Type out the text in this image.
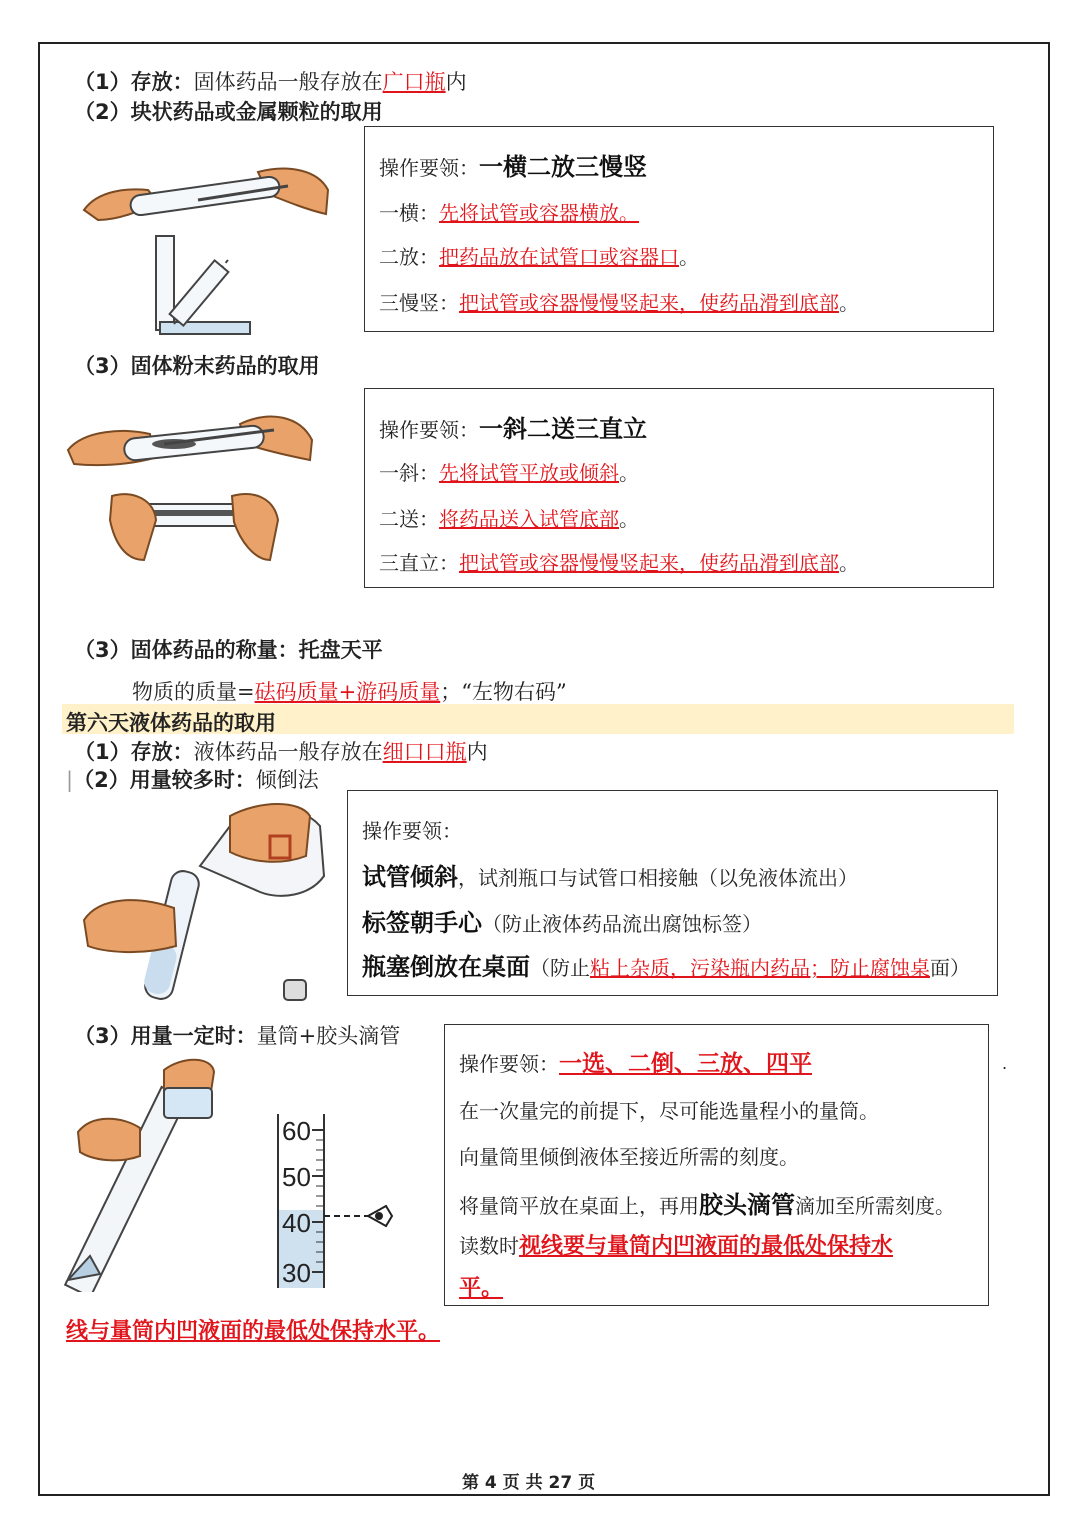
（1）存放：固体药品一般存放在广口瓶内
（2）块状药品或金属颗粒的取用
操作要领：一横二放三慢竖
一横：先将试管或容器横放。
二放：把药品放在试管口或容器口。
三慢竖：把试管或容器慢慢竖起来，使药品滑到底部。
（3）固体粉末药品的取用
操作要领：一斜二送三直立
一斜：先将试管平放或倾斜。
二送：将药品送入试管底部。
三直立：把试管或容器慢慢竖起来，使药品滑到底部。
（3）固体药品的称量：托盘天平
物质的质量=砝码质量+游码质量；“左物右码”
第六天液体药品的取用
（1）存放：液体药品一般存放在细口口瓶内
|（2）用量较多时：倾倒法
操作要领：
试管倾斜，试剂瓶口与试管口相接触（以免液体流出）
标签朝手心（防止液体药品流出腐蚀标签）
瓶塞倒放在桌面（防止粘上杂质，污染瓶内药品；防止腐蚀桌面）
（3）用量一定时：量筒+胶头滴管
60
50
40
30
操作要领：一选、二倒、三放、四平
在一次量完的前提下，尽可能选量程小的量筒。
向量筒里倾倒液体至接近所需的刻度。
将量筒平放在桌面上，再用胶头滴管滴加至所需刻度。
读数时视线要与量筒内凹液面的最低处保持水
平。
.
线与量筒内凹液面的最低处保持水平。
第 4 页 共 27 页
